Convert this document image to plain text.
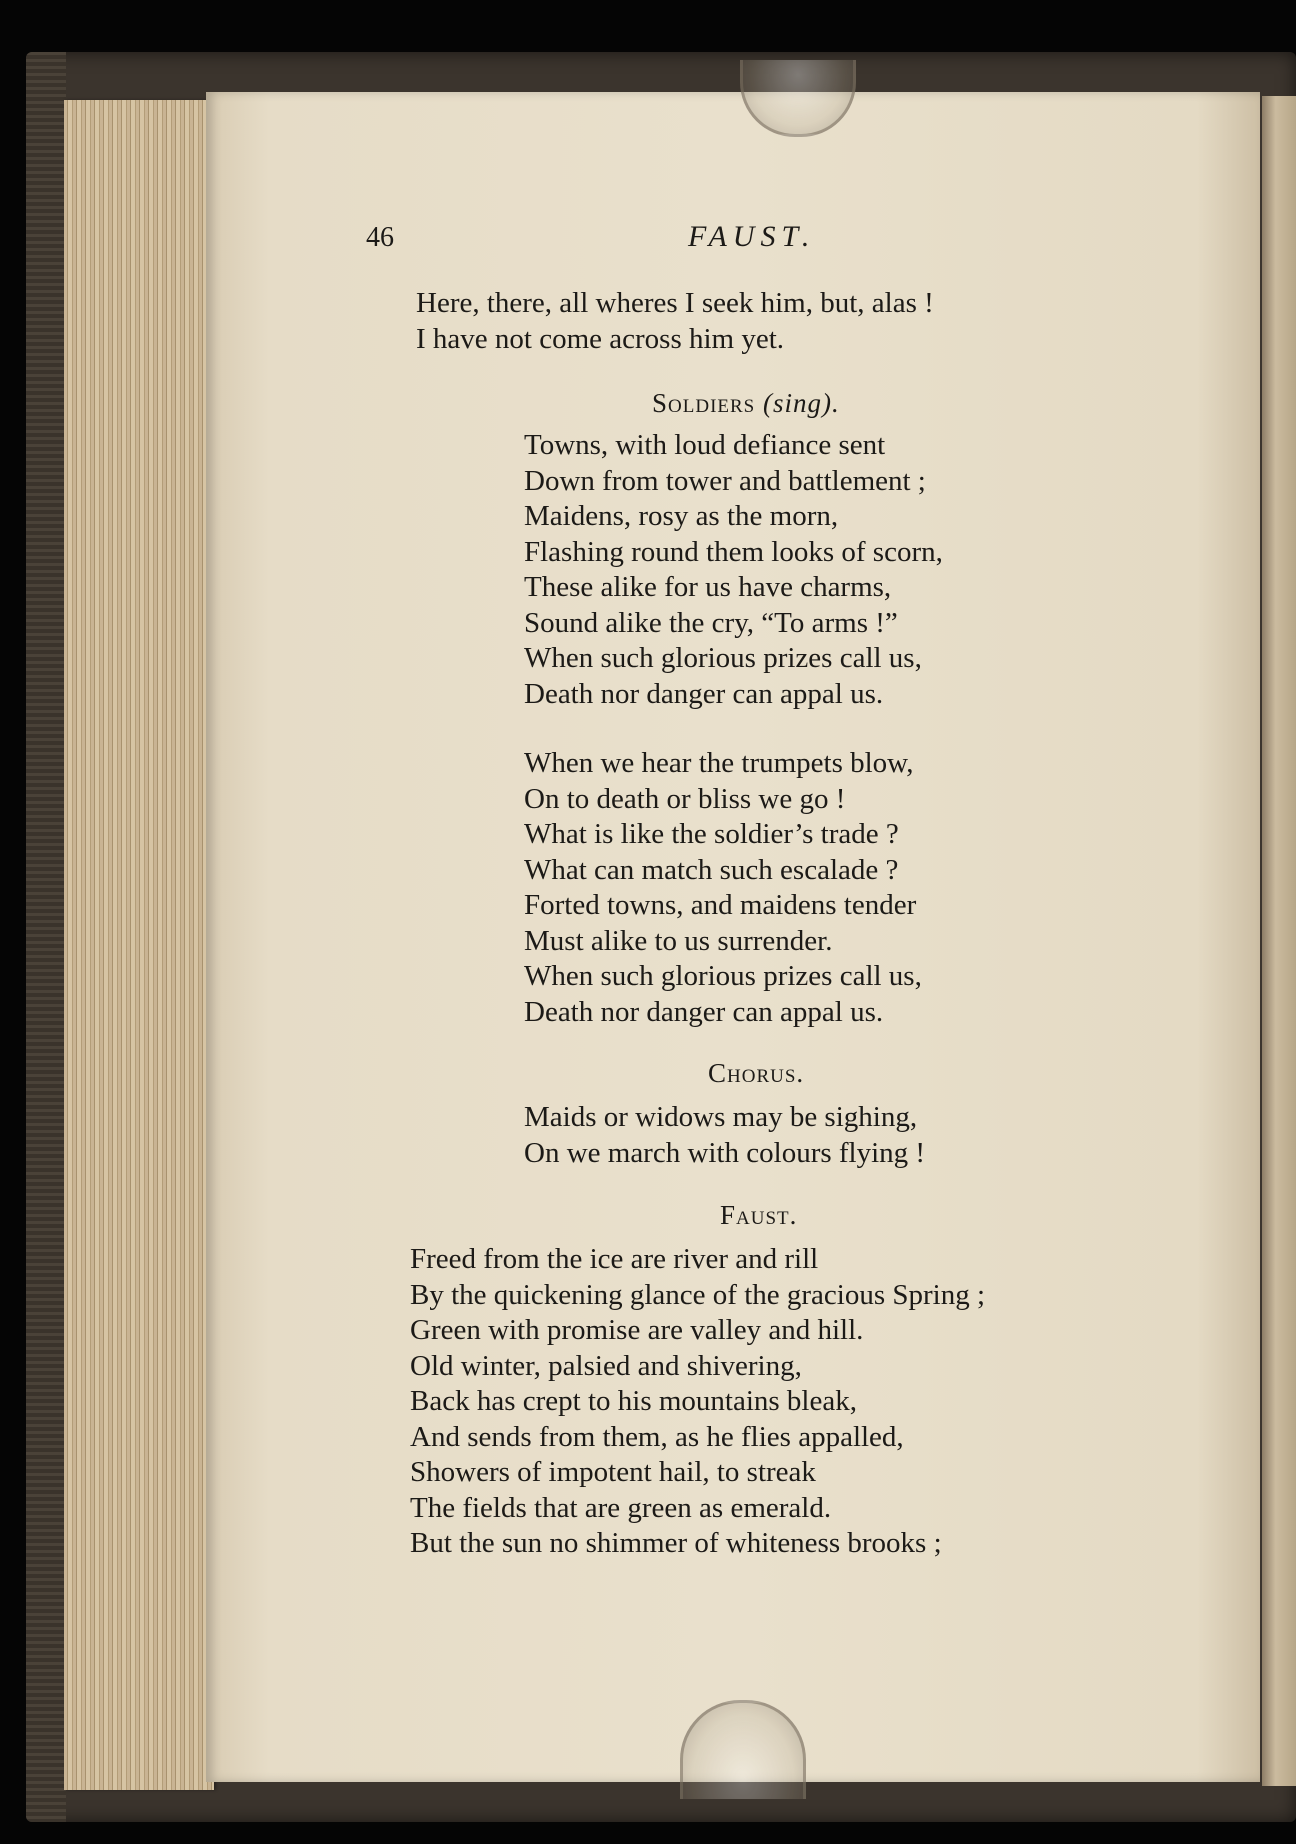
46	FAUST.
Here, there, all wheres I seek him, but, alas !
I have not come across him yet.
Soldiers (sing).
Towns, with loud defiance sent
Down from tower and battlement ;
Maidens, rosy as the morn,
Flashing round them looks of scorn,
These alike for us have charms,
Sound alike the cry, “To arms !”
When such glorious prizes call us,
Death nor danger can appal us.
When we hear the trumpets blow,
On to death or bliss we go !
What is like the soldier’s trade ?
What can match such escalade ?
Forted towns, and maidens tender
Must alike to us surrender.
When such glorious prizes call us,
Death nor danger can appal us.
Chorus.
Maids or widows may be sighing,
On we march with colours flying !
Faust.
Freed from the ice are river and rill
By the quickening glance of the gracious Spring ;
Green with promise are valley and hill.
Old winter, palsied and shivering,
Back has crept to his mountains bleak,
And sends from them, as he flies appalled,
Showers of impotent hail, to streak
The fields that are green as emerald.
But the sun no shimmer of whiteness brooks ;
